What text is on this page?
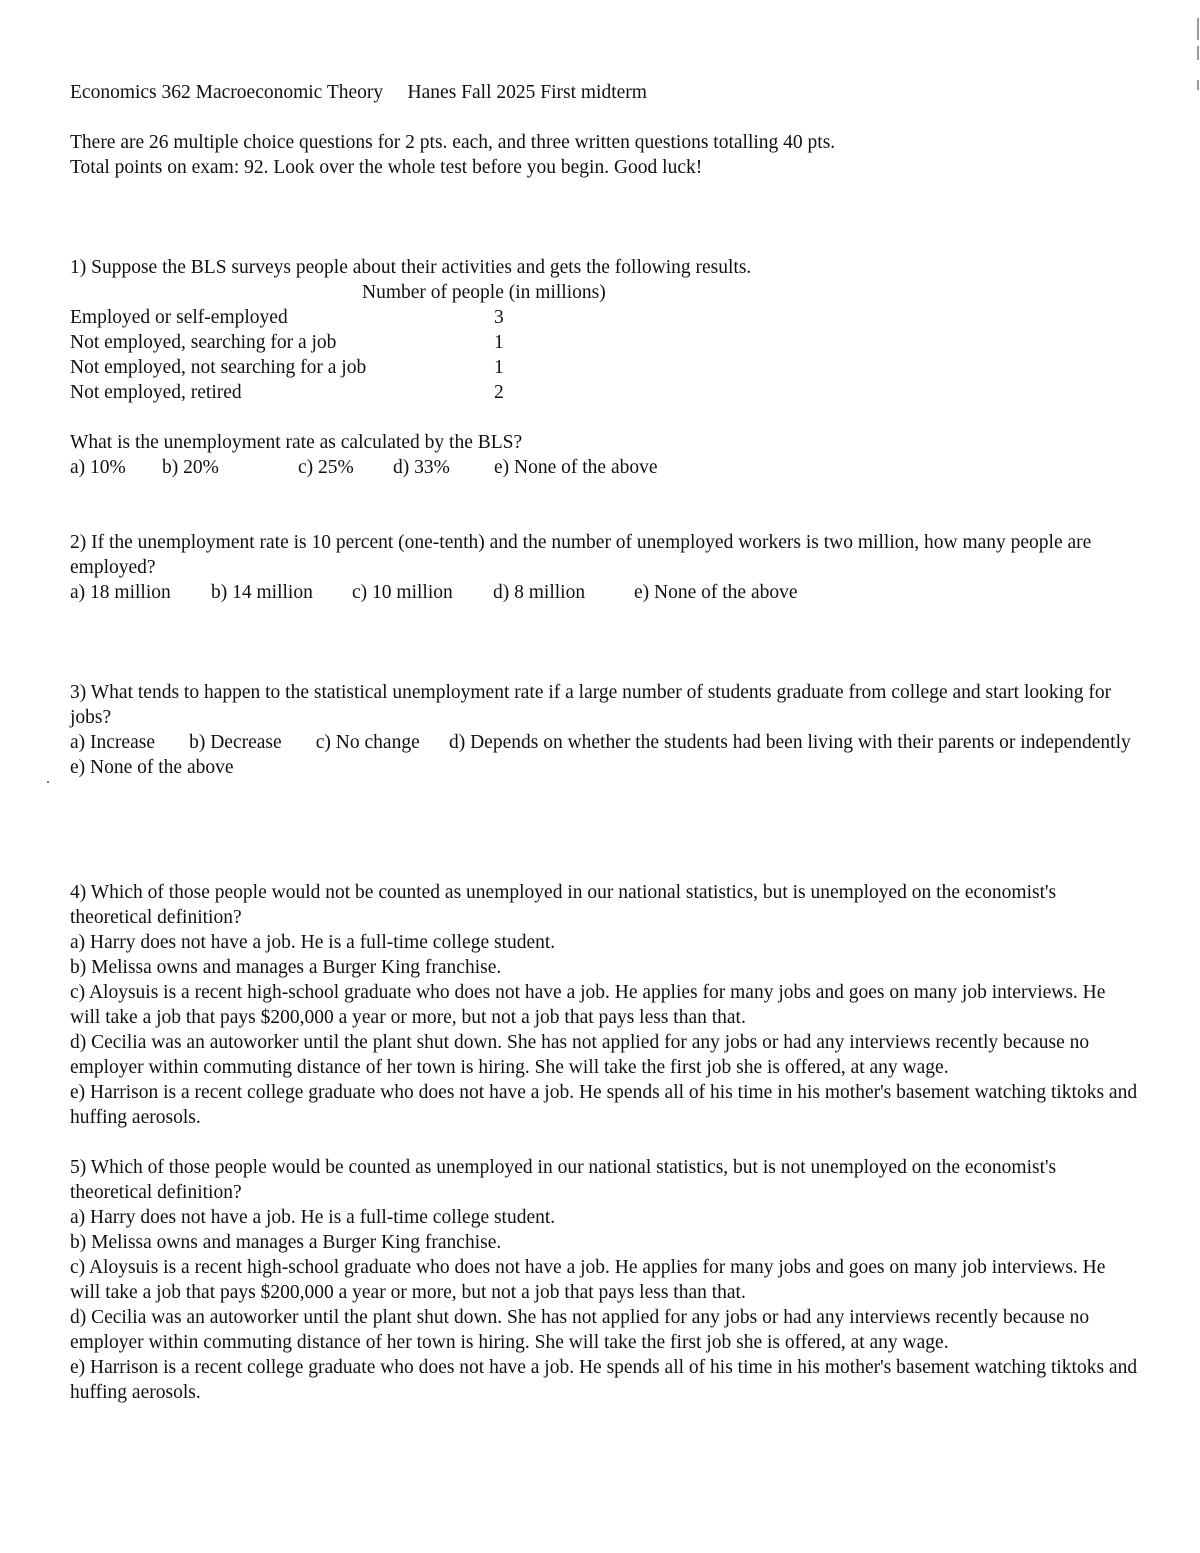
Economics 362 Macroeconomic Theory     Hanes Fall 2025 First midterm
There are 26 multiple choice questions for 2 pts. each, and three written questions totalling 40 pts.
Total points on exam: 92. Look over the whole test before you begin. Good luck!
1) Suppose the BLS surveys people about their activities and gets the following results.
Number of people (in millions)
Employed or self-employed	3
Not employed, searching for a job	1
Not employed, not searching for a job	1
Not employed, retired	2
What is the unemployment rate as calculated by the BLS?
a) 10%	b) 20%	c) 25%	d) 33%	e) None of the above
2) If the unemployment rate is 10 percent (one-tenth) and the number of unemployed workers is two million, how many people are employed?
a) 18 million	b) 14 million	c) 10 million	d) 8 million	e) None of the above
3) What tends to happen to the statistical unemployment rate if a large number of students graduate from college and start looking for jobs?
a) Increase       b) Decrease       c) No change      d) Depends on whether the students had been living with their parents or independently  e) None of the above
4) Which of those people would not be counted as unemployed in our national statistics, but is unemployed on the economist's theoretical definition?
a) Harry does not have a job. He is a full-time college student.
b) Melissa owns and manages a Burger King franchise.
c) Aloysuis is a recent high-school graduate who does not have a job. He applies for many jobs and goes on many job interviews. He will take a job that pays $200,000 a year or more, but not a job that pays less than that.
d) Cecilia was an autoworker until the plant shut down. She has not applied for any jobs or had any interviews recently because no employer within commuting distance of her town is hiring. She will take the first job she is offered, at any wage.
e) Harrison is a recent college graduate who does not have a job. He spends all of his time in his mother's basement watching tiktoks and huffing aerosols.
5) Which of those people would be counted as unemployed in our national statistics, but is not unemployed on the economist's theoretical definition?
a) Harry does not have a job. He is a full-time college student.
b) Melissa owns and manages a Burger King franchise.
c) Aloysuis is a recent high-school graduate who does not have a job. He applies for many jobs and goes on many job interviews. He will take a job that pays $200,000 a year or more, but not a job that pays less than that.
d) Cecilia was an autoworker until the plant shut down. She has not applied for any jobs or had any interviews recently because no employer within commuting distance of her town is hiring. She will take the first job she is offered, at any wage.
e) Harrison is a recent college graduate who does not have a job. He spends all of his time in his mother's basement watching tiktoks and huffing aerosols.
